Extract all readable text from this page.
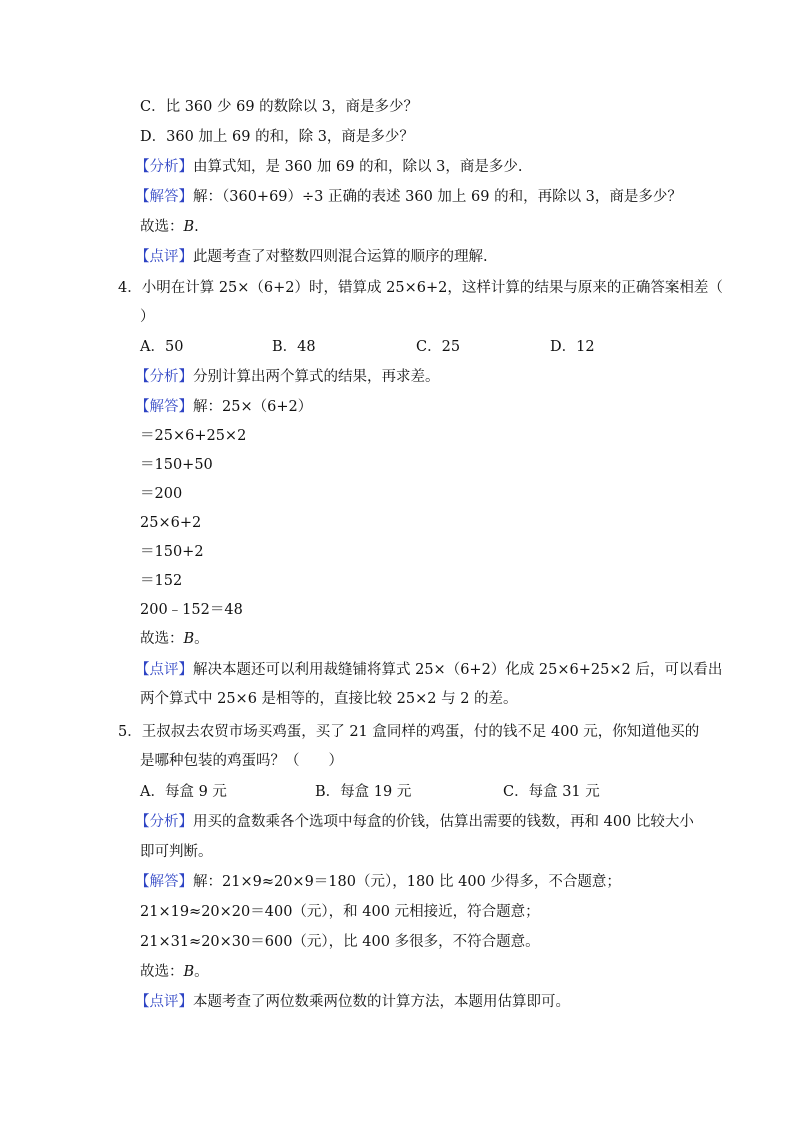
C．比 360 少 69 的数除以 3，商是多少？
D．360 加上 69 的和，除 3，商是多少？
【分析】由算式知，是 360 加 69 的和，除以 3，商是多少.
【解答】解：（360+69）÷3 正确的表述 360 加上 69 的和，再除以 3，商是多少？
故选：B.
【点评】此题考查了对整数四则混合运算的顺序的理解.
4．小明在计算 25×（6+2）时，错算成 25×6+2，这样计算的结果与原来的正确答案相差（
）
A．50	B．48	C．25	D．12
【分析】分别计算出两个算式的结果，再求差。
【解答】解：25×（6+2）
＝25×6+25×2
＝150+50
＝200
25×6+2
＝150+2
＝152
200﹣152＝48
故选：B。
【点评】解决本题还可以利用裁缝铺将算式 25×（6+2）化成 25×6+25×2 后，可以看出
两个算式中 25×6 是相等的，直接比较 25×2 与 2 的差。
5．王叔叔去农贸市场买鸡蛋，买了 21 盒同样的鸡蛋，付的钱不足 400 元，你知道他买的
是哪种包装的鸡蛋吗？（　　）
A．每盒 9 元	B．每盒 19 元	C．每盒 31 元
【分析】用买的盒数乘各个选项中每盒的价钱，估算出需要的钱数，再和 400 比较大小
即可判断。
【解答】解：21×9≈20×9＝180（元），180 比 400 少得多，不合题意；
21×19≈20×20＝400（元），和 400 元相接近，符合题意；
21×31≈20×30＝600（元），比 400 多很多，不符合题意。
故选：B。
【点评】本题考查了两位数乘两位数的计算方法，本题用估算即可。
